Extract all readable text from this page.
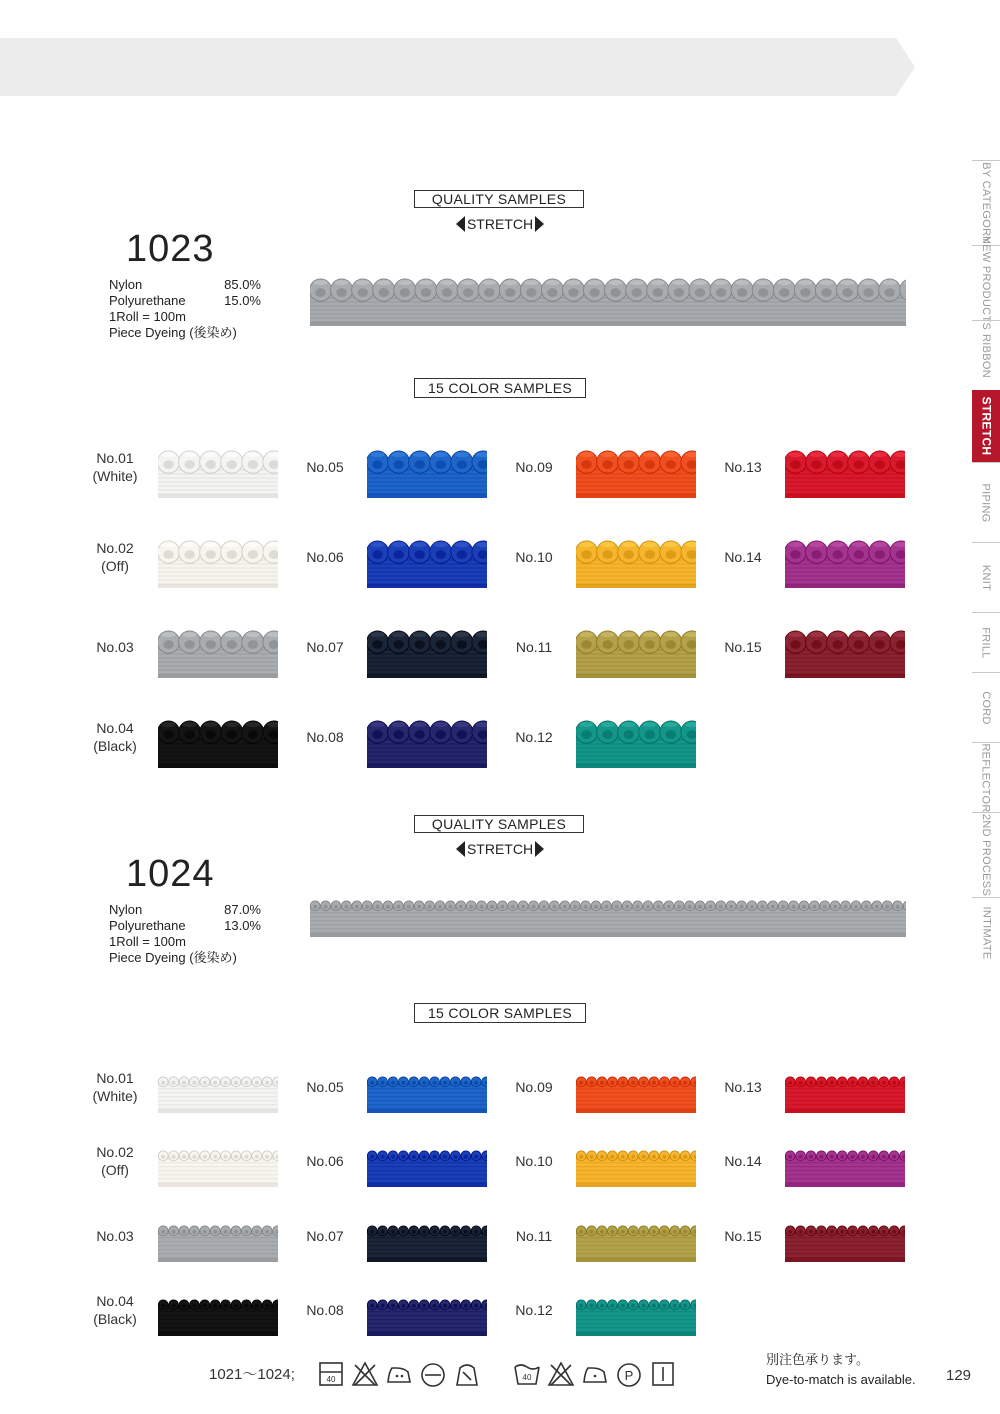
BY CATEGORY
NEW PRODUCTS
RIBBON
STRETCH
PIPING
KNIT
FRILL
CORD
REFLECTOR
2ND PROCESS
INTIMATE
QUALITY SAMPLES
STRETCH
1023
Nylon	85.0%
Polyurethane	15.0%
1Roll = 100m
Piece Dyeing (後染め)
15 COLOR SAMPLES
No.01
(White)
No.02
(Off)
No.03
No.04
(Black)
No.05
No.06
No.07
No.08
No.09
No.10
No.11
No.12
No.13
No.14
No.15
QUALITY SAMPLES
STRETCH
1024
Nylon	87.0%
Polyurethane	13.0%
1Roll = 100m
Piece Dyeing (後染め)
15 COLOR SAMPLES
No.01
(White)
No.02
(Off)
No.03
No.04
(Black)
No.05
No.06
No.07
No.08
No.09
No.10
No.11
No.12
No.13
No.14
No.15
1021～1024;	40
別注色承ります。
Dye-to-match is available. 129
40	P
